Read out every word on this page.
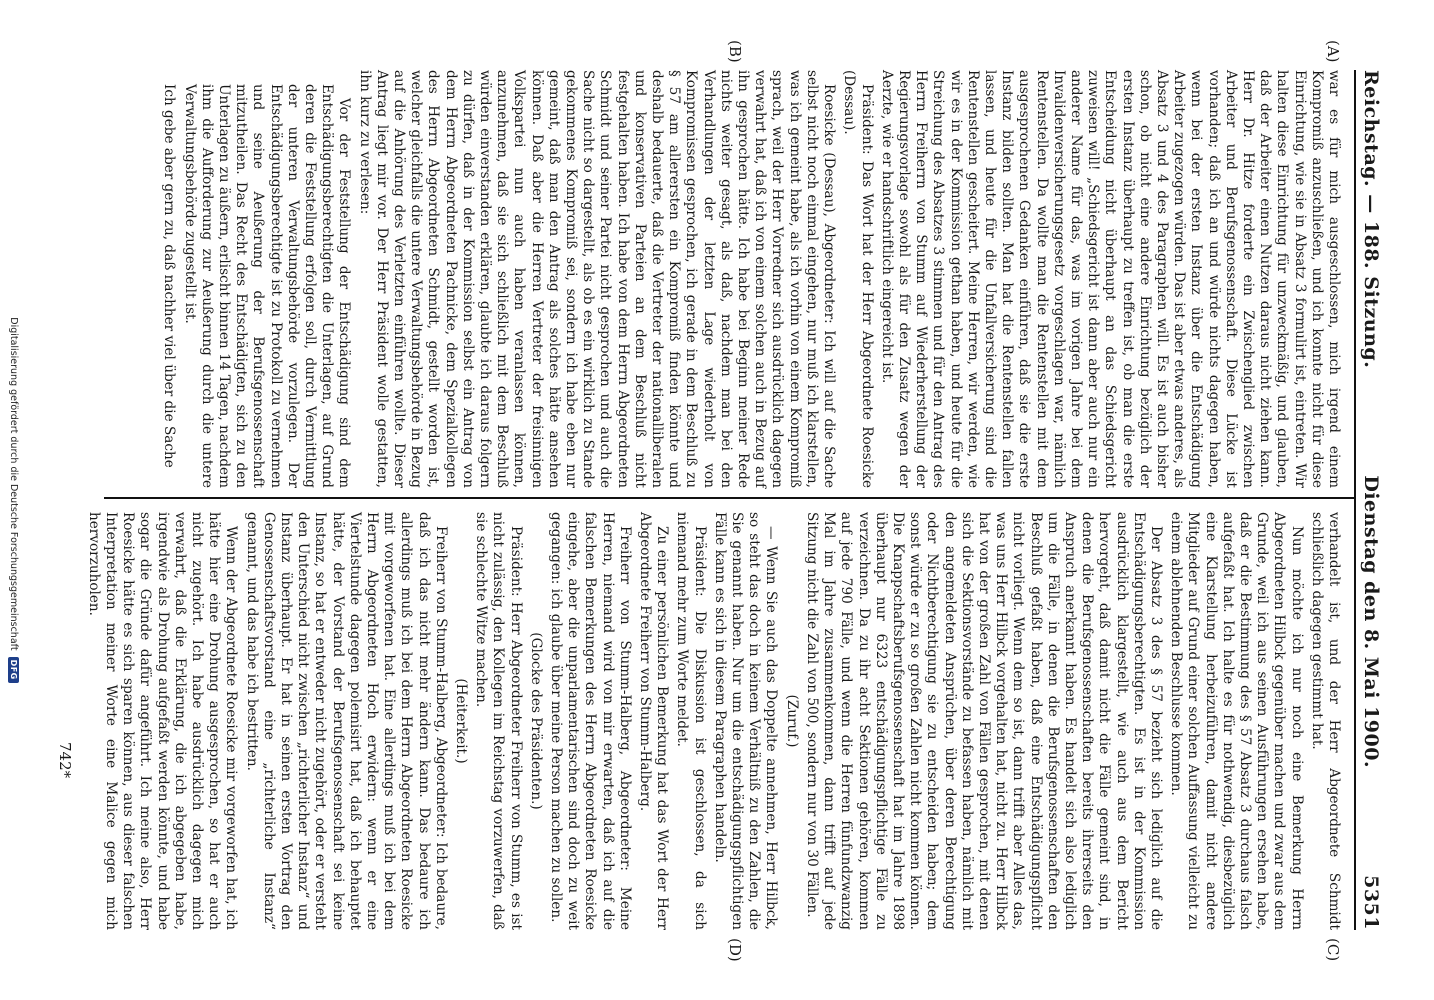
Reichstag. — 188. Sitzung.
Dienstag den 8. Mai 1900.
5351
(A)
(B)
(C)
(D)

war es für mich ausgeschlossen, mich irgend einem Kompromiß anzuschließen, und ich konnte nicht für diese Einrichtung, wie sie in Absatz 3 formulirt ist, eintreten. Wir halten diese Einrichtung für unzweckmäßig, und glauben, daß der Arbeiter einen Nutzen daraus nicht ziehen kann. Herr Dr. Hitze forderte ein Zwischenglied zwischen Arbeiter und Berufsgenossenschaft. Diese Lücke ist vorhanden; daß ich an und würde nichts dagegen haben, wenn bei der ersten Instanz über die Entschädigung Arbeiter zugezogen würden. Das ist aber etwas anderes, als Absatz 3 und 4 des Paragraphen will. Es ist auch bisher schon, ob nicht eine andere Einrichtung bezüglich der ersten Instanz überhaupt zu treffen ist, ob man die erste Entscheidung nicht überhaupt an das Schiedsgericht zuweisen will! „Schiedsgericht ist dann aber auch nur ein anderer Name für das, was im vorigen Jahre bei dem Invalidenversicherungsgesetz vorgeschlagen war, nämlich Rentenstellen. Da wollte man die Rentenstellen mit dem ausgesprochenen Gedanken einführen, daß sie die erste Instanz bilden sollten. Man hat die Rentenstellen fallen lassen, und heute für die Unfallversicherung sind die Rentenstellen gescheitert. Meine Herren, wir werden, wie wir es in der Kommission gethan haben, und heute für die Streichung des Absatzes 3 stimmen und für den Antrag des Herrn Freiherrn von Stumm auf Wiederherstellung der Regierungsvorlage sowohl als für den Zusatz wegen der Aerzte, wie er handschriftlich eingereicht ist.

Präsident: Das Wort hat der Herr Abgeordnete Roesicke (Dessau).

Roesicke (Dessau), Abgeordneter: Ich will auf die Sache selbst nicht noch einmal eingehen, nur muß ich klarstellen, was ich gemeint habe, als ich vorhin von einem Kompromiß sprach, weil der Herr Vorredner sich ausdrücklich dagegen verwahrt hat, daß ich von einem solchen auch in Bezug auf ihn gesprochen hätte. Ich habe bei Beginn meiner Rede nichts weiter gesagt, als daß, nachdem man bei den Verhandlungen der letzten Lage wiederholt von Kompromissen gesprochen, ich gerade in dem Beschluß zu § 57 am allerersten ein Kompromiß finden könnte und deshalb bedauerte, daß die Vertreter der nationalliberalen und konservativen Parteien an dem Beschluß nicht festgehalten haben. Ich habe von dem Herrn Abgeordneten Schmidt und seiner Partei nicht gesprochen und auch die Sache nicht so dargestellt, als ob es ein wirklich zu Stande gekommenes Kompromiß sei, sondern ich habe eben nur gemeint, daß man den Antrag als solches hätte ansehen können. Daß aber die Herren Vertreter der freisinnigen Volkspartei nun auch haben veranlassen können, anzunehmen, daß sie sich schließlich mit dem Beschluß würden einverstanden erklären, glaubte ich daraus folgern zu dürfen, daß in der Kommission selbst ein Antrag von dem Herrn Abgeordneten Pachnicke, dem Spezialkollegen des Herrn Abgeordneten Schmidt, gestellt worden ist, welcher gleichfalls die untere Verwaltungsbehörde in Bezug auf die Anhörung des Verletzten einführen wollte. Dieser Antrag liegt mir vor. Der Herr Präsident wolle gestatten, ihn kurz zu verlesen:

Vor der Feststellung der Entschädigung sind dem Entschädigungsberechtigten die Unterlagen, auf Grund deren die Feststellung erfolgen soll, durch Vermittlung der unteren Verwaltungsbehörde vorzulegen. Der Entschädigungsberechtigte ist zu Protokoll zu vernehmen und seine Aeußerung der Berufsgenossenschaft mitzutheilen. Das Recht des Entschädigten, sich zu den Unterlagen zu äußern, erlischt binnen 14 Tagen, nachdem ihm die Aufforderung zur Aeußerung durch die untere Verwaltungsbehörde zugestellt ist.

Ich gebe aber gern zu, daß nachher viel über die Sache

verhandelt ist, und der Herr Abgeordnete Schmidt schließlich dagegen gestimmt hat.

Nun möchte ich nur noch eine Bemerkung Herrn Abgeordneten Hilbck gegenüber machen und zwar aus dem Grunde, weil ich aus seinen Ausführungen ersehen habe, daß er die Bestimmung des § 57 Absatz 3 durchaus falsch aufgefaßt hat. Ich halte es für nothwendig, diesbezüglich eine Klarstellung herbeizuführen, damit nicht andere Mitglieder auf Grund einer solchen Auffassung vielleicht zu einem ablehnenden Beschlusse kommen.

Der Absatz 3 des § 57 bezieht sich lediglich auf die Entschädigungsberechtigten. Es ist in der Kommission ausdrücklich klargestellt, wie auch aus dem Bericht hervorgeht, daß damit nicht die Fälle gemeint sind, in denen die Berufsgenossenschaften bereits ihrerseits den Anspruch anerkannt haben. Es handelt sich also lediglich um die Fälle, in denen die Berufsgenossenschaften den Beschluß gefaßt haben, daß eine Entschädigungspflicht nicht vorliegt. Wenn dem so ist, dann trifft aber Alles das, was uns Herr Hilbck vorgehalten hat, nicht zu. Herr Hilbck hat von der großen Zahl von Fällen gesprochen, mit denen sich die Sektionsvorstände zu befassen haben, nämlich mit den angemeldeten Ansprüchen, über deren Berechtigung oder Nichtberechtigung sie zu entscheiden haben; dem sonst würde er zu so großen Zahlen nicht kommen können. Die Knappschaftsberufsgenossenschaft hat im Jahre 1898 überhaupt nur 6323 entschädigungspflichtige Fälle zu verzeichnen. Da zu ihr acht Sektionen gehören, kommen auf jede 790 Fälle, und wenn die Herren fünfundzwanzig Mal im Jahre zusammenkommen, dann trifft auf jede Sitzung nicht die Zahl von 500, sondern nur von 30 Fällen.

(Zuruf.)

— Wenn Sie auch das Doppelte annehmen, Herr Hilbck, so steht das doch in keinem Verhältniß zu den Zahlen, die Sie genannt haben. Nur um die entschädigungspflichtigen Fälle kann es sich in diesem Paragraphen handeln.

Präsident: Die Diskussion ist geschlossen, da sich niemand mehr zum Worte meldet.

Zu einer persönlichen Bemerkung hat das Wort der Herr Abgeordnete Freiherr von Stumm-Halberg.

Freiherr von Stumm-Halberg, Abgeordneter: Meine Herren, niemand wird von mir erwarten, daß ich auf die falschen Bemerkungen des Herrn Abgeordneten Roesicke eingehe, aber die unparlamentarischen sind doch zu weit gegangen: ich glaube über meine Person machen zu sollen.

(Glocke des Präsidenten.)

Präsident: Herr Abgeordneter Freiherr von Stumm, es ist nicht zulässig, den Kollegen im Reichstag vorzuwerfen, daß sie schlechte Witze machen.

(Heiterkeit.)

Freiherr von Stumm-Halberg, Abgeordneter: Ich bedaure, daß ich das nicht mehr ändern kann. Das bedaure ich allerdings muß ich bei dem Herrn Abgeordneten Roesicke mit vorgeworfenen hat. Eine allerdings muß ich bei dem Herrn Abgeordneten Hoch erwidern: wenn er eine Viertelstunde dagegen polemisirt hat, daß ich behauptet hätte, der Vorstand der Berufsgenossenschaft sei keine Instanz, so hat er entweder nicht zugehört, oder er versteht den Unterschied nicht zwischen „richterlicher Instanz“ und Instanz überhaupt. Er hat in seinen ersten Vortrag den Genossenschaftsvorstand eine „richterliche Instanz“ genannt, und das habe ich bestritten.

Wenn der Abgeordnete Roesicke mir vorgeworfen hat, ich hätte hier eine Drohung ausgesprochen, so hat er auch nicht zugehört. Ich habe ausdrücklich dagegen mich verwahrt, daß die Erklärung, die ich abgegeben habe, irgendwie als Drohung aufgefaßt werden könnte, und habe sogar die Gründe dafür angeführt. Ich meine also, Herr Roesicke hätte es sich sparen können, aus dieser falschen Interpretation meiner Worte eine Malice gegen mich hervorzuholen.

742*
Digitalisierung gefördert durch die Deutsche Forschungsgemeinschaft
DFG
